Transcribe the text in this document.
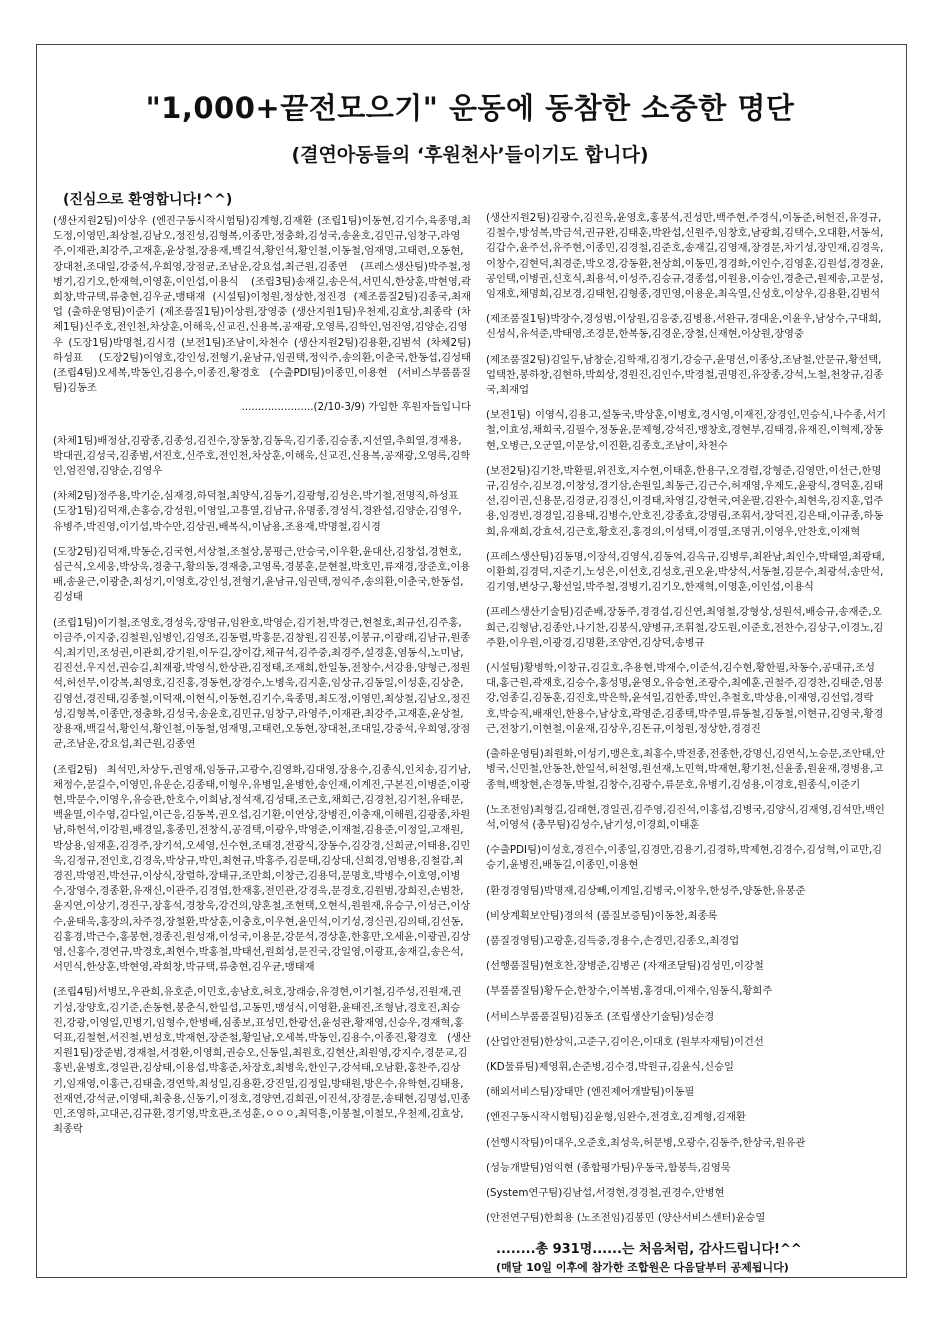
"1,000+끝전모으기" 운동에 동참한 소중한 명단
(결연아동들의 ‘후원천사’들이기도 합니다)
(진심으로 환영합니다!^^)
(생산지원2팀)이상우 (엔진구동시작시험팀)김계형,김재환 (조립1팀)이동현,김기수,육종명,최도정,이영민,최상철,김남오,정진성,김형복,이종만,정충화,김성국,송윤호,김민규,임창구,라영주,이재관,최강주,고재훈,윤상철,장용재,백길석,황인석,황인철,이동철,엄재명,고태련,오동현,장대천,조대일,강중석,우희영,장점균,조남운,강요섭,최근원,김종연 (프레스생산팀)박주철,정병기,김기오,한재혁,이영훈,이인섭,이용식 (조립3팀)송재길,송은석,서민식,한상훈,박현영,곽희창,박규택,류충현,김우균,맹태재 (시설팀)이청원,정상한,정진경 (제조품질2팀)김종국,최재업 (출하운영팀)이준기 (제조품질1팀)이상원,장영중 (생산지원1팀)우천제,김효상,최종락 (차체1팀)신주호,전인천,차상훈,이해욱,신교진,신용복,공재광,오영록,김학인,엄진영,김양순,김영우 (도장1팀)박명철,김시경 (보전1팀)조남이,차천수 (생산지원2팀)김용환,김범석 (차체2팀)하성표 (도장2팀)이영호,강인성,전형기,윤남규,임권택,정익주,송의환,이춘국,한동섭,김성태 (조립4팀)오세복,박동인,김용수,이종진,황경호 (수출PDI팀)이종민,이용현 (서비스부품품질팀)김동조
......................(2/10-3/9) 가입한 후원자들입니다
(차체1팀)배정삼,김광종,김종성,김진수,장동창,김동욱,김기종,김승종,지선열,추희열,경재용,박대권,김성국,김종범,서진호,신주호,전인천,차상훈,이해욱,신교진,신용복,공재광,오영록,김학인,엄진영,김양순,김영우
(차체2팀)정주용,박기순,심재경,하덕철,최양식,김동기,김광형,김성은,박기철,전명직,하성표 (도장1팀)김덕재,손홍승,강성원,이영일,고흥열,김남규,유명종,경성식,경완섭,김양순,김영우,유병주,박진영,이기섭,박수만,김상권,배복식,이남용,조용재,박명철,김시경
(도장2팀)김덕재,박동순,김국현,서상철,조철상,봉평근,안승국,이우환,윤대산,김창섭,경현호,심근식,오세웅,박상욱,경충구,황의동,경재충,고영록,경봉훈,문현철,박호민,류재경,장준호,이용배,송윤근,이광춘,최성기,이영호,강인성,전형기,윤남규,임권택,정익주,송의환,이춘국,한동섭,김성태
(조립1팀)이기철,조영호,경성욱,장영규,임완호,박영순,김기천,박경근,현철호,최규선,김주홍,이금주,이지중,김철원,임병인,김영조,김동렬,박홍문,김창원,김진봉,이봉규,이광래,김남규,원종식,최기민,조성권,이관희,강기원,이두길,장이갑,채규석,김주중,최경주,설경훈,염동식,노미남,김진선,우지선,권승길,최재광,박영식,한상관,김정태,조재희,한일동,전창수,서강용,양형근,정원석,허선무,이강복,최영호,김진홍,경동현,장경수,노병욱,김지훈,임상규,김동일,이성훈,김상춘,김영선,경진태,김종철,이덕재,이현식,이동현,김기수,육종명,최도정,이영민,최상철,김남오,정진성,김형복,이종만,정충화,김성국,송윤호,김민규,임창구,라영주,이재관,최강주,고재훈,윤상철,장용재,백길석,황인석,황인철,이동철,엄재명,고태련,오동현,장대천,조대일,강중석,우희영,장점균,조남운,강요섭,최근원,김종연
(조립2팀) 최석민,차상두,권영재,임동규,고광수,김영화,김대영,장용수,김종식,인치송,김기남,채정수,문길수,이영민,유운순,김종태,이형우,유병일,윤병한,송인재,이계진,구본진,이병준,이광현,박문수,이영우,유승관,한호수,이희남,정석재,김성태,조근호,채희근,김경천,김기천,유태문,백윤열,이수영,김다일,이근응,김동복,권오섭,김기환,이연상,장병진,이충재,이해원,김광종,차원남,하헌석,이강원,배경일,홍종민,전창식,공경택,이광우,박영준,이재철,김용준,이정일,고재원,박상용,임재훈,김경주,장기석,오세영,신수현,조태경,전광식,장동수,김강경,신희균,이태용,김민욱,김정규,전인호,김경욱,박상규,박민,최현규,박홍주,김문태,김상대,신희경,엄병용,김철갑,최경진,박영진,박선규,이상식,장렬하,장태규,조만희,이창근,김용덕,문명호,박병수,이호영,이병수,장영수,경종환,유재신,이관주,김경엽,한재홍,전민관,강경욱,문경호,김원범,장희진,손범찬,윤지연,이상기,경진구,장홍석,경창욱,강건의,양혼철,조현택,오현식,원원재,유승구,이성근,이상수,윤태욱,홍장의,차주경,장철환,박상훈,이충호,이우현,윤민석,이기성,경신권,김의태,김선동,김홍경,박근수,홍봉현,경종진,원성재,이성국,이용문,강문석,경상훈,한홍만,오세윤,이광권,김상영,신홍수,경연규,박경호,최현수,박홍철,박태선,원희성,문진국,강일영,이광표,송재길,송은석,서민식,한상훈,박현영,곽희창,박규택,류충현,김우균,맹태재
(조립4팀)서병모,우관희,유호준,이민호,송남호,허호,장래승,유경현,이기철,김주성,진원재,권기성,장양호,김기준,손동현,봉춘식,한일섭,고동민,맹성식,이영환,윤태진,조형남,경호진,최승진,강광,이영일,민병기,임형수,한병배,심종보,표성민,한광선,윤성관,황재영,신승우,경재혁,홍덕표,김철현,서진철,변성호,박재현,장준철,황일남,오세복,박동인,김용수,이종진,황경호 (생산지원1팀)장준범,경재철,서경환,이영희,권승오,신동일,최원호,김현산,최원영,강지수,경문교,김홍빈,윤병호,경일관,김상태,이용섭,박홍준,차장호,최병욱,한인구,강석태,오남환,홍찬주,김상기,임재영,이홍근,김태출,경연학,최성일,김용환,강진일,김정일,방태원,방은수,유학현,김태용,전재연,강석균,이영태,최충용,신동기,이정호,경양연,김희권,이진석,장경문,송태현,김명섭,민종민,조영하,고대곤,김규환,경기영,박호관,조성훈,ㅇㅇㅇ,최덕흥,이봉철,이철모,우천제,김효상,최종락
(생산지원2팀)김광수,김진욱,윤영호,홍봉석,진성만,백주현,주경식,이동준,허헌진,유경규,김철수,방성복,박금석,권규완,김태훈,박완섭,신원주,임창호,남광희,김택수,오대환,서동석,김갑수,윤주선,유주현,이종민,김경철,김준호,송재길,김영재,장경문,차기성,장민재,김경욱,이창수,김현덕,최경준,박오경,강동환,천상희,이동민,경경화,이인수,김영훈,김원섭,경경윤,공인택,이병권,신호식,최용석,이성주,김승규,경종섭,이원용,이승인,경춘근,원제송,고문성,임재호,채명희,김보경,김태헌,김형종,경민영,이용운,최옥열,신성호,이상우,김용환,김범석
(제조품질1팀)박장수,경성범,이상원,김응중,김병용,서완규,경대운,이윤우,남상수,구대희,신성식,유석준,박태영,조경문,한복동,김경운,장철,신재현,이상원,장영중
(제조품질2팀)김일두,남창순,김학재,김정기,강승구,윤명선,이종상,조남철,안문규,황선택,업택찬,봉하창,김현하,박희상,경원진,김인수,박경철,권명진,유장종,강석,노철,천창규,김종국,최재업
(보전1팀) 이영식,김용고,설동국,박상훈,이병호,경시영,이재진,장경인,민승식,나수종,서기철,이효성,채희국,김필수,정동윤,문제형,강석진,맹창호,경현부,김태경,유재진,이혁제,장동현,오병근,오군열,이문상,이진환,김종호,조남이,차천수
(보전2팀)김기찬,박환필,위진호,지수현,이태훈,한용구,오경렴,강형준,김영만,이선근,한명규,김성수,김보경,이창성,경기삼,손원일,최동근,김근수,허재영,우제도,윤광식,경덕훈,김태선,김이권,신용문,김경균,김경신,이경태,차영길,강현국,여운팔,김완수,최현욱,김지훈,업주용,임경빈,경경일,김용태,김병수,안호진,강종효,강명림,조휘서,장덕진,김은태,이규종,하동희,유재희,강효석,김근호,황호진,홍경의,이성택,이경열,조명귀,이영우,안찬호,이재혁
(프레스생산팀)김동명,이장석,김영식,김동억,김옥규,김병루,최완남,최인수,박태열,최광태,이환희,김경덕,지준기,노성은,이선호,김성호,권오윤,박상석,서동철,김문수,최광석,송만석,김기영,변상구,황선일,박주철,경병기,김기오,한재혁,이영훈,이인섭,이용식
(프레스생산기술팀)김준배,장동주,경경섭,김신연,최영철,강형상,성원석,배승규,송재준,오희근,김형남,김종안,나기찬,김봉식,양병규,조휘철,강도원,이준호,전찬수,김상구,이경노,김주환,이우원,이광경,김명환,조양연,김상덕,송병규
(시설팀)황병학,이창규,김길호,추용현,박재수,이준석,김수현,황한필,차동수,공대규,조성대,홍근원,곽재호,김승수,홍성명,윤영오,유승현,조광수,최예훈,권철주,김경찬,김태준,엄봉강,엄종길,김동훈,김진호,박은학,윤석일,김한종,박인,추철호,박상용,이재영,김선업,경락호,박승직,배재인,한용수,남상호,곽영준,김종택,박주열,류동철,김동철,이현규,김영국,황경근,전창기,이현철,이윤재,김상우,김돈규,이청원,정상한,경경진
(출하운영팀)최원화,이성기,맹은호,최홍수,박전종,전종한,강명신,김연식,노승문,조안태,안병국,신민철,안동찬,한일석,허천영,원선재,노민혁,박재현,황기천,신윤종,원윤재,경병용,고종혁,백창현,손경동,박철,김창수,김광수,류문호,유병기,김성용,이경호,원종식,이준기
(노조전임)최형길,김래현,경일권,김주영,김진석,이홍섭,김병국,김양식,김재영,김석만,백인석,이영석 (총무팀)김성수,남기성,이경희,이태훈
(수출PDI팀)이성호,경진수,이종일,김경만,김용기,김경하,박제현,김경수,김성혁,이교만,김승기,윤병진,배동길,이종민,이용현
(환경경영팀)박명재,김상빼,이계일,김병국,이창우,한성주,양동한,유봉준
(비상계획보안팀)경의석 (품질보증팀)이동찬,최종록
(품질경영팀)고광훈,김득중,경용수,손경민,김종오,최경업
(선행품질팀)현호찬,장병준,김병곤 (자재조달팀)김성민,이강철
(부품품질팀)황두순,한창수,이복범,홍경대,이재수,임동식,황희주
(서비스부품품질팀)김동조 (조립생산기술팀)성순경
(산업안전팀)한상익,고준구,김이은,이대호 (원부자재팀)이건선
(KD물류팀)제영휘,손준병,김수경,박원규,김윤식,신승일
(해외서비스팀)장태만 (엔진제어개발팀)이동필
(엔진구동시작시험팀)김윤형,임완수,전경호,김계형,김재환
(선행시작팀)이대우,오준호,최성욱,허문병,오광수,김동주,한상국,원유관
(성능개발팀)엄익현 (종합평가팀)우동국,함봉득,김영묵
(System연구팀)김남섭,서경현,경경철,권경수,안병현
(안전연구팀)한희용 (노조전임)김봉민 (양산서비스센터)윤승열
........총 931명......는 처음처럼, 감사드립니다!^^
(매달 10일 이후에 참가한 조합원은 다음달부터 공제됩니다)
